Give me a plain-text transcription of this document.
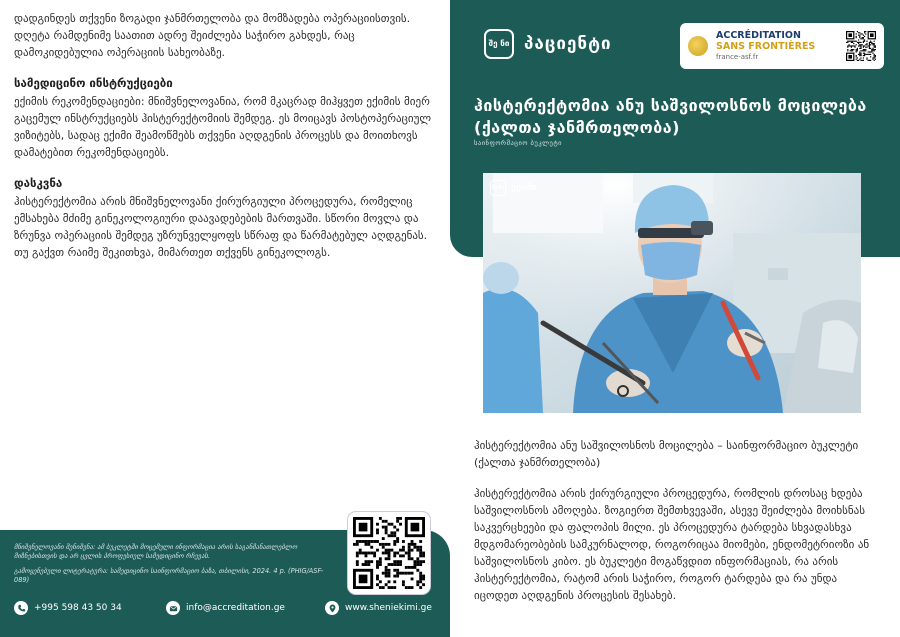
დადგინდეს თქვენი ზოგადი ჯანმრთელობა და მომზადება ოპერაციისთვის. დღეტა რამდენიმე საათით ადრე შეიძლება საჭირო გახდეს, რაც დამოკიდებულია ოპერაციის სახეობაზე.

სამედიცინო ინსტრუქციები

ექიმის რეკომენდაციები: მნიშვნელოვანია, რომ მკაცრად მიჰყვეთ ექიმის მიერ გაცემულ ინსტრუქციებს ჰისტერექტომიის შემდეგ. ეს მოიცავს პოსტოპერაციულ ვიზიტებს, სადაც ექიმი შეამოწმებს თქვენი აღდგენის პროცესს და მოითხოვს დამატებით რეკომენდაციებს.

დასკვნა

ჰისტერექტომია არის მნიშვნელოვანი ქირურგიული პროცედურა, რომელიც ემსახება მძიმე გინეკოლოგიური დაავადებების მართვაში. სწორი მოვლა და ზრუნვა ოპერაციის შემდეგ უზრუნველყოფს სწრაფ და წარმატებულ აღდგენას. თუ გაქვთ რაიმე შეკითხვა, მიმართეთ თქვენს გინეკოლოგს.

მნიშვნელოვანი შენიშვნა: ამ ბუკლეტში მოცემული ინფორმაცია არის საგანმანათლებლო მიზნებისთვის და არ ცვლის პროფესიულ სამედიცინო რჩევას.

გამოყენებული ლიტერატურა: სამედიცინო საინფორმაციო ბაზა, თბილისი, 2024. 4 p. (PHIG/ASF-089)

+995 598 43 50 34	info@accreditation.ge	www.sheniekimi.ge
შე ნი პაციენტი	ACCRÉDITATION
SANS FRONTIÈRES
france-asf.fr
ჰისტერექტომია ანუ საშვილოსნოს მოცილება (ქალთა ჯანმრთელობა)
საინფორმაციო ბუკლეტი
შე ნი ექიმი

ჰისტერექტომია ანუ საშვილოსნოს მოცილება – საინფორმაციო ბუკლეტი (ქალთა ჯანმრთელობა)

ჰისტერექტომია არის ქირურგიული პროცედურა, რომლის დროსაც ხდება საშვილოსნოს ამოღება. ზოგიერთ შემთხვევაში, ასევე შეიძლება მოიხსნას საკვერცხეები და ფალოპის მილი. ეს პროცედურა ტარდება სხვადასხვა მდგომარეობების სამკურნალოდ, როგორიცაა მიომები, ენდომეტრიოზი ან საშვილოსნოს კიბო. ეს ბუკლეტი მოგაწვდით ინფორმაციას, რა არის ჰისტერექტომია, რატომ არის საჭირო, როგორ ტარდება და რა უნდა იცოდეთ აღდგენის პროცესის შესახებ.
